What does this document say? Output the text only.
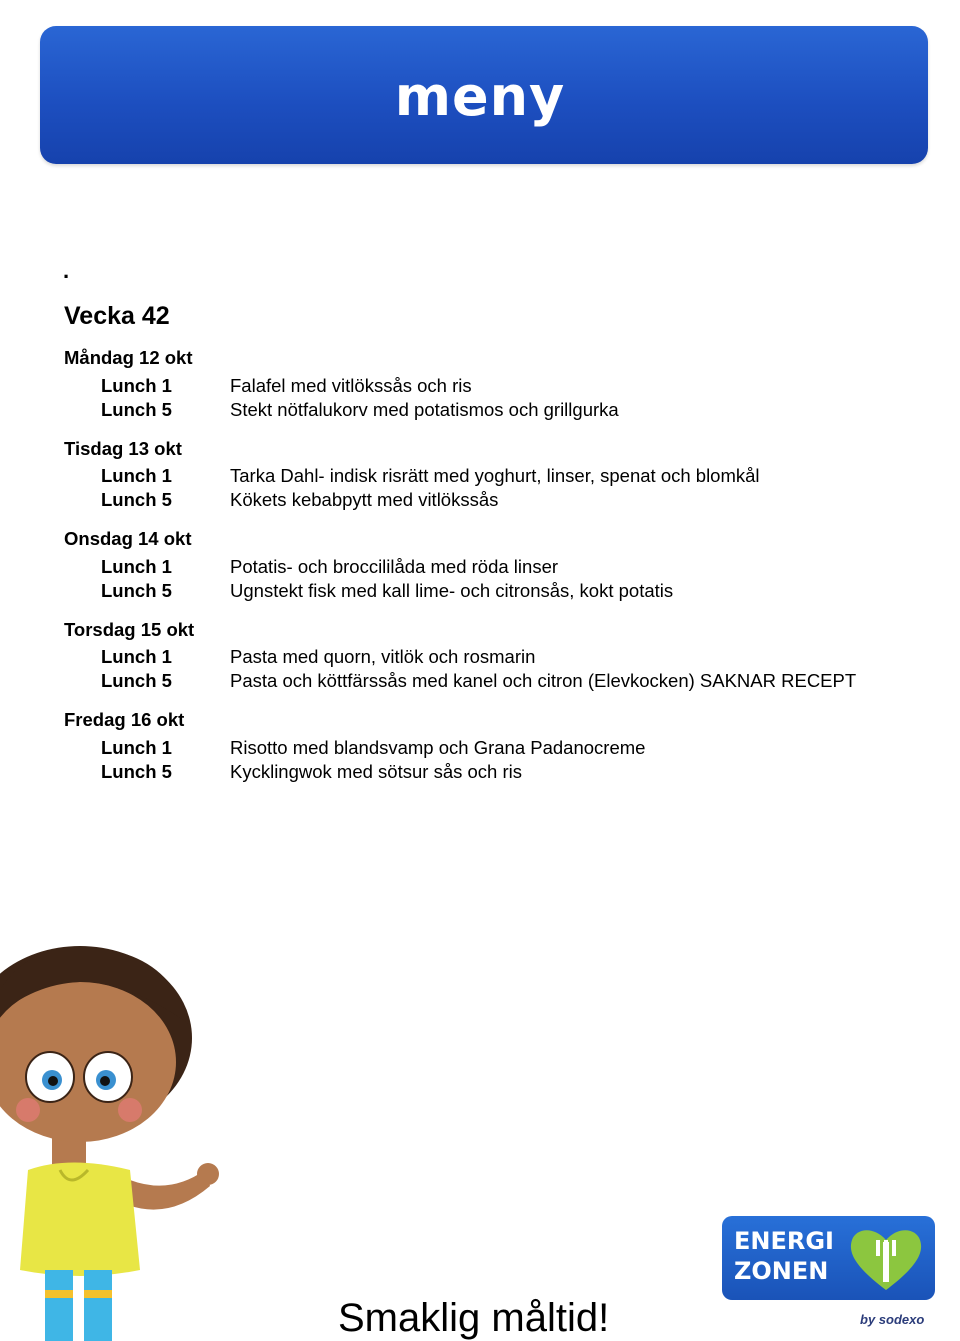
meny
.
Vecka 42
Måndag 12 okt
Lunch 1	Falafel med vitlökssås och ris
Lunch 5	Stekt nötfalukorv med potatismos och grillgurka
Tisdag 13 okt
Lunch 1	Tarka Dahl- indisk risrätt med yoghurt, linser, spenat och blomkål
Lunch 5	Kökets kebabpytt med vitlökssås
Onsdag 14 okt
Lunch 1	Potatis- och broccililåda med röda linser
Lunch 5	Ugnstekt fisk med kall lime- och citronsås, kokt potatis
Torsdag 15 okt
Lunch 1	Pasta med quorn, vitlök och rosmarin
Lunch 5	Pasta och köttfärssås med kanel och citron (Elevkocken) SAKNAR RECEPT
Fredag 16 okt
Lunch 1	Risotto med blandsvamp och Grana Padanocreme
Lunch 5	Kycklingwok med sötsur sås och ris
Smaklig måltid!
ENERGI
ZONEN
by sodexo
